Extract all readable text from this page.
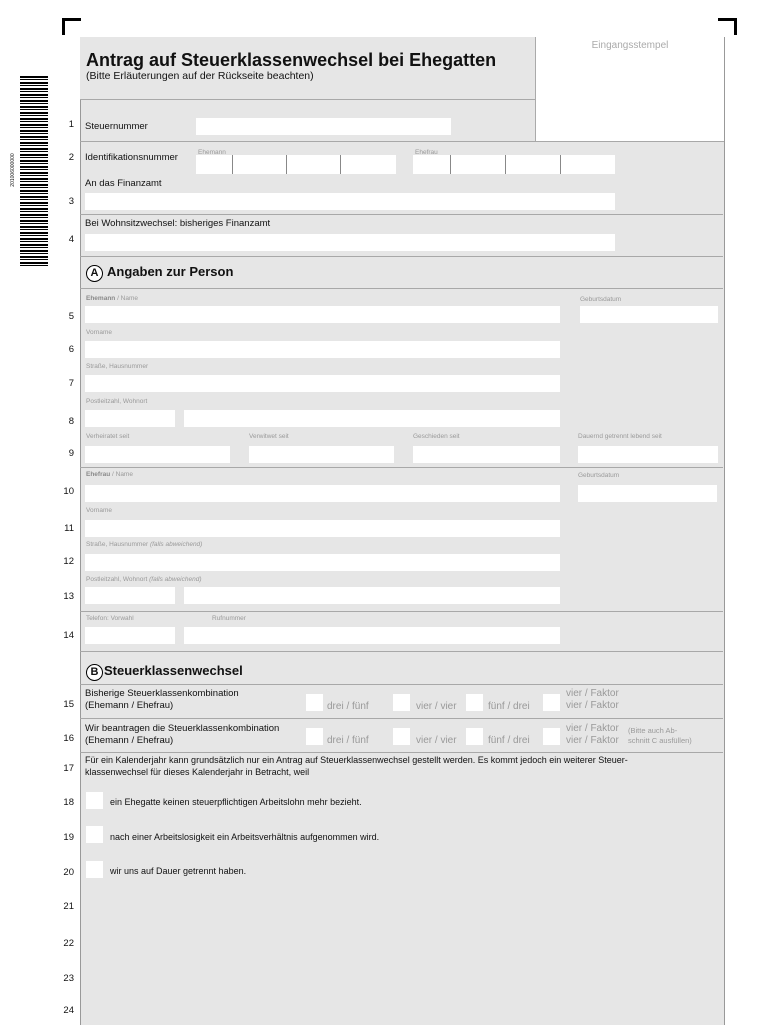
201006000000
Antrag auf Steuerklassenwechsel bei Ehegatten
(Bitte Erläuterungen auf der Rückseite beachten)
Eingangsstempel
1
2
3
4
5
6
7
8
9
10
11
12
13
14
15
16
17
18
19
20
21
22
23
24
Steuernummer
Identifikationsnummer	Ehemann	Ehefrau
An das Finanzamt
Bei Wohnsitzwechsel: bisheriges Finanzamt
A Angaben zur Person
Ehemann / Name	Geburtsdatum
Vorname
Straße, Hausnummer
Postleitzahl, Wohnort
Verheiratet seit	Verwitwet seit	Geschieden seit	Dauernd getrennt lebend seit
Ehefrau / Name	Geburtsdatum
Vorname
Straße, Hausnummer (falls abweichend)
Postleitzahl, Wohnort (falls abweichend)
Telefon: Vorwahl	Rufnummer
B Steuerklassenwechsel
Bisherige Steuerklassenkombination
(Ehemann / Ehefrau)	drei / fünf	vier / vier	fünf / drei
vier / Faktor
vier / Faktor
Wir beantragen die Steuerklassenkombination
(Ehemann / Ehefrau)	drei / fünf	vier / vier	fünf / drei
vier / Faktor
vier / Faktor
(Bitte auch Ab-
schnitt C ausfüllen)
Für ein Kalenderjahr kann grundsätzlich nur ein Antrag auf Steuerklassenwechsel gestellt werden. Es kommt jedoch ein weiterer Steuer-
klassenwechsel für dieses Kalenderjahr in Betracht, weil
ein Ehegatte keinen steuerpflichtigen Arbeitslohn mehr bezieht.
nach einer Arbeitslosigkeit ein Arbeitsverhältnis aufgenommen wird.
wir uns auf Dauer getrennt haben.
